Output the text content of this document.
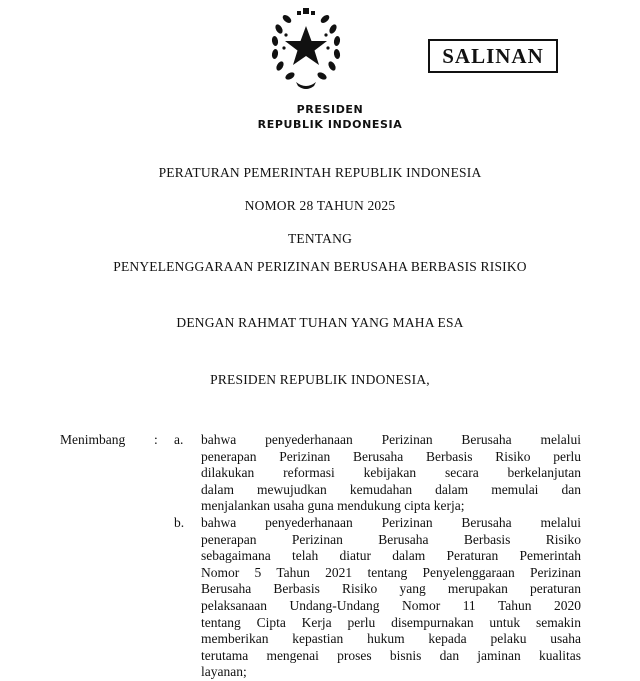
SALINAN
PRESIDEN
REPUBLIK INDONESIA
PERATURAN PEMERINTAH REPUBLIK INDONESIA
NOMOR 28 TAHUN 2025
TENTANG
PENYELENGGARAAN PERIZINAN BERUSAHA BERBASIS RISIKO
DENGAN RAHMAT TUHAN YANG MAHA ESA
PRESIDEN REPUBLIK INDONESIA,
Menimbang : a. bahwa penyederhanaan Perizinan Berusaha melalui
penerapan Perizinan Berusaha Berbasis Risiko perlu
dilakukan reformasi kebijakan secara berkelanjutan
dalam mewujudkan kemudahan dalam memulai dan
menjalankan usaha guna mendukung cipta kerja;

b. bahwa penyederhanaan Perizinan Berusaha melalui
penerapan Perizinan Berusaha Berbasis Risiko
sebagaimana telah diatur dalam Peraturan Pemerintah
Nomor 5 Tahun 2021 tentang Penyelenggaraan Perizinan
Berusaha Berbasis Risiko yang merupakan peraturan
pelaksanaan Undang-Undang Nomor 11 Tahun 2020
tentang Cipta Kerja perlu disempurnakan untuk semakin
memberikan kepastian hukum kepada pelaku usaha
terutama mengenai proses bisnis dan jaminan kualitas
layanan;
